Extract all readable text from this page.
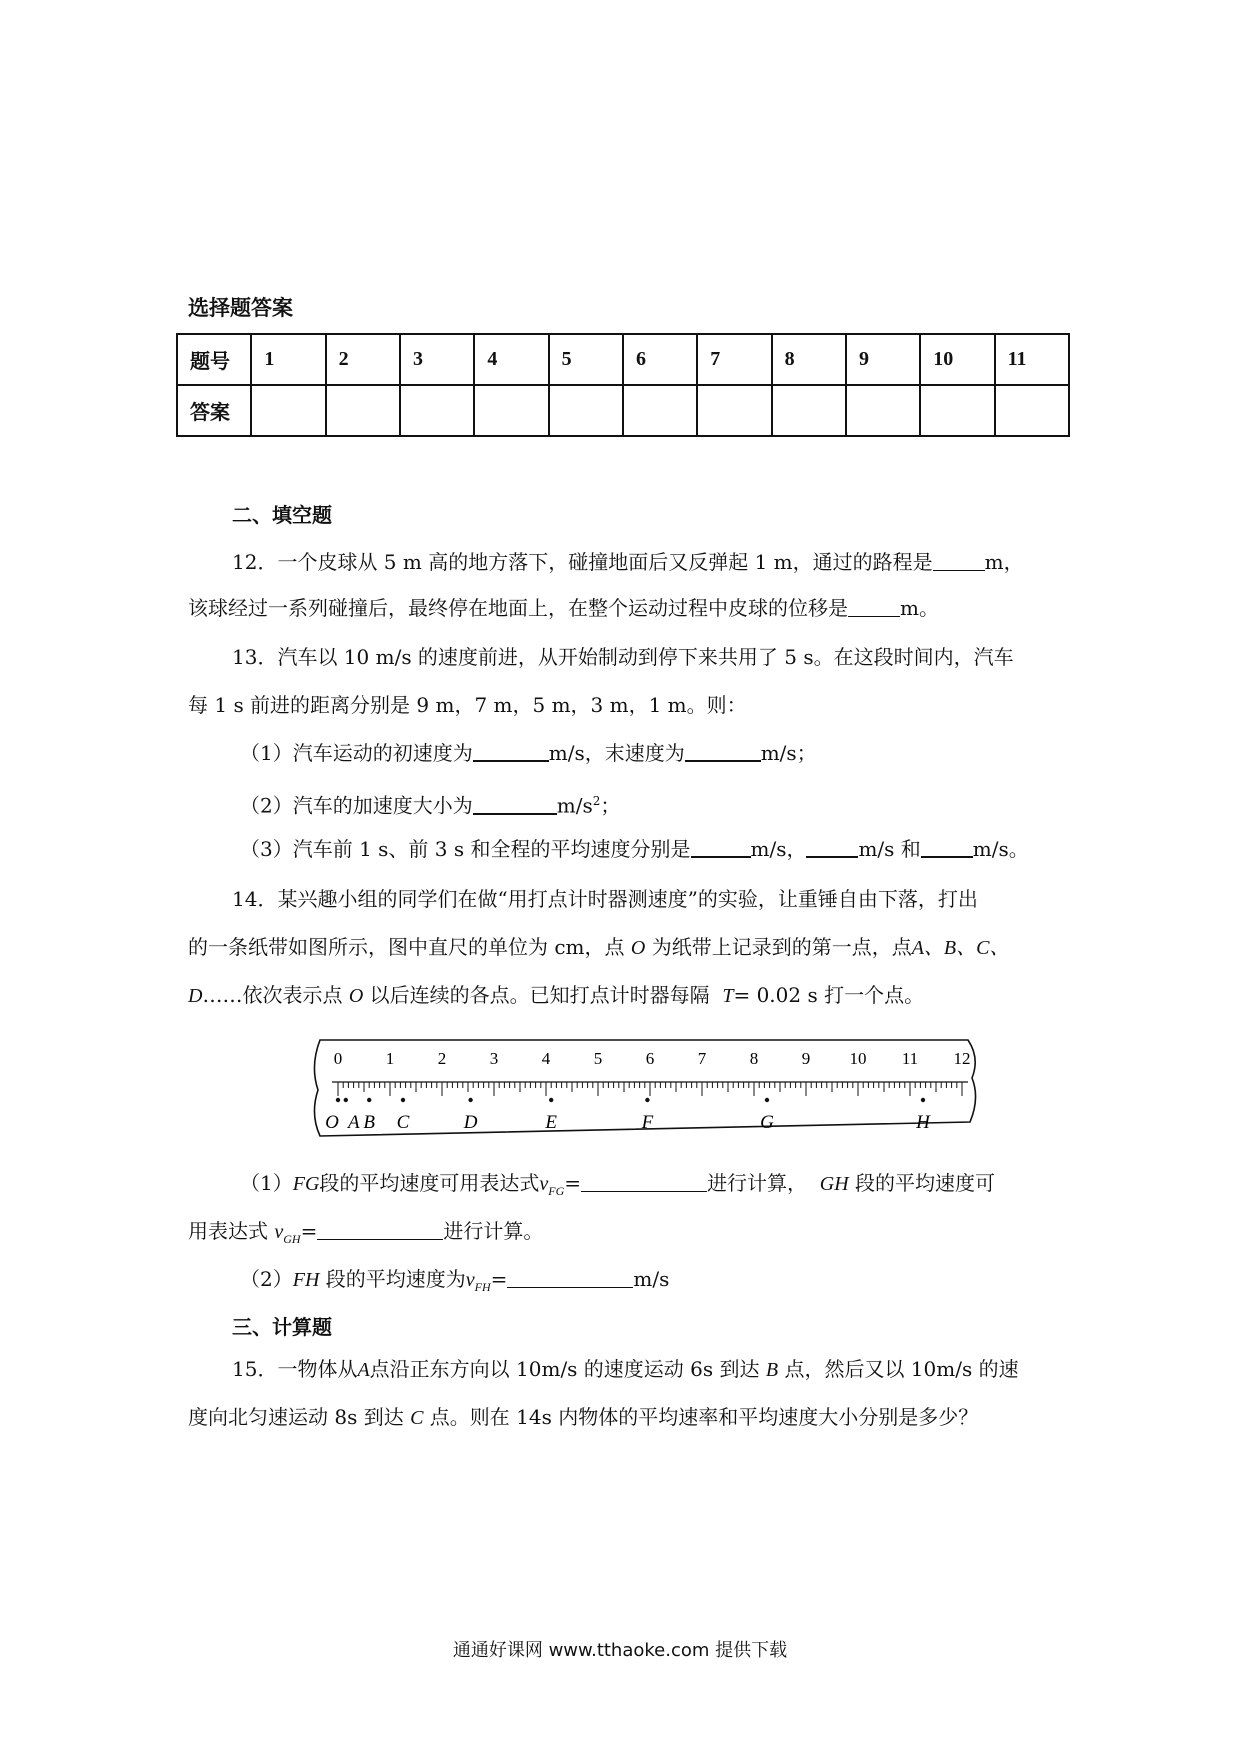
选择题答案
题号	1	2	3	4	5	6	7	8	9	10	11
答案											
二、填空题
12．一个皮球从 5 m 高的地方落下，碰撞地面后又反弹起 1 m，通过的路程是	m，
该球经过一系列碰撞后，最终停在地面上，在整个运动过程中皮球的位移是	m。
13．汽车以 10 m/s 的速度前进，从开始制动到停下来共用了 5 s。在这段时间内，汽车
每 1 s 前进的距离分别是 9 m，7 m，5 m，3 m，1 m。则：
（1）汽车运动的初速度为	m/s，末速度为	m/s；
（2）汽车的加速度大小为	$m/s^2$；
（3）汽车前 1 s、前 3 s 和全程的平均速度分别是	m/s，	m/s 和	m/s。
14．某兴趣小组的同学们在做“用打点计时器测速度”的实验，让重锤自由下落，打出
的一条纸带如图所示，图中直尺的单位为 cm，点 O 为纸带上记录到的第一点，点A、B、C、
D……依次表示点 O 以后连续的各点。已知打点计时器每隔 T= 0.02 s 打一个点。
0	1	2	3	4	5	6	7	8	9 10 11 12
O A B C	D	E	F	G	H
（1）FG段的平均速度可用表达式$v_{FG}=$	进行计算， GH 段的平均速度可
用表达式 $v_{GH}=$	进行计算。
（2）FH 段的平均速度为$v_{FH}=$	m/s
三、计算题
15．一物体从A点沿正东方向以 10m/s 的速度运动 6s 到达 B 点，然后又以 10m/s 的速
度向北匀速运动 8s 到达 C 点。则在 14s 内物体的平均速率和平均速度大小分别是多少？
通通好课网 www.tthaoke.com 提供下载
